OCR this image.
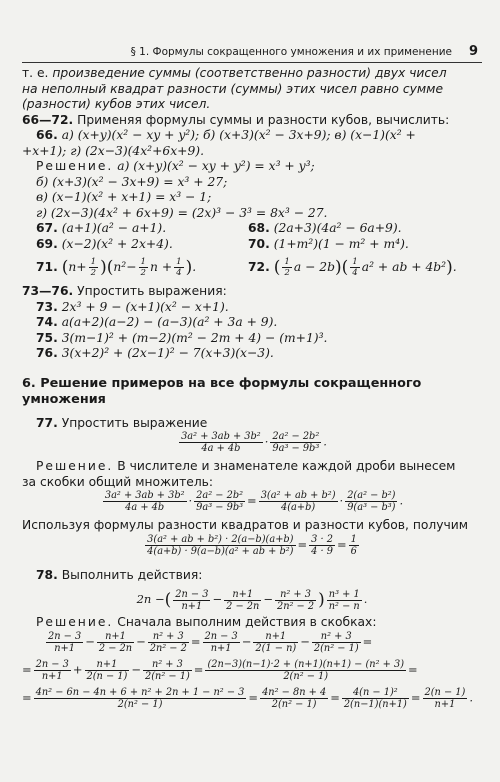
§ 1. Формулы сокращенного умножения и их применение 9
т. е. произведение суммы (соответственно разности) двух чисел
на неполный квадрат разности (суммы) этих чисел равно сумме
(разности) кубов этих чисел.
66—72. Применяя формулы суммы и разности кубов, вычислить:
66. а) (x+y)(x² − xy + y²); б) (x+3)(x² − 3x+9); в) (x−1)(x² +
+x+1); г) (2x−3)(4x²+6x+9).
Решение. а) (x+y)(x² − xy + y²) = x³ + y³;
б) (x+3)(x² − 3x+9) = x³ + 27;
в) (x−1)(x² + x+1) = x³ − 1;
г) (2x−3)(4x² + 6x+9) = (2x)³ − 3³ = 8x³ − 27.
67. (a+1)(a² − a+1).	68. (2a+3)(4a² − 6a+9).
69. (x−2)(x² + 2x+4).	70. (1+m²)(1 − m² + m⁴).
71. $(n+ \frac{1}{2} )(n^2- \frac{1}{2}$ $n + \frac{1}{4}$ ).	72. ( $\frac{1}{2}$ $a - 2b)( \frac{1}{4} a^2$ + ab + 4b²).
73—76. Упростить выражения:
73. 2x³ + 9 − (x+1)(x² − x+1).
74. a(a+2)(a−2) − (a−3)(a² + 3a + 9).
75. 3(m−1)² + (m−2)(m² − 2m + 4) − (m+1)³.
76. 3(x+2)² + (2x−1)² − 7(x+3)(x−3).
6. Решение примеров на все формулы сокращенного
умножения
77. Упростить выражение
$\frac{\text{3a² + 3ab + 3b²}}{4a + 4b} \cdot \frac{\text{2a² − 2b²}}{\text{9a³ − 9b³}}$ .
Решение. В числителе и знаменателе каждой дроби вынесем
за скобки общий множитель:
$\frac{\text{3a² + 3ab + 3b²}}{4a + 4b} \cdot \frac{\text{2a² − 2b²}}{\text{9a³ − 9b³}} = \frac{\text{3(a² + ab + b²)}}{4(a+b)} \cdot \frac{\text{2(a² − b²)}}{\text{9(a³ − b³)}}$ .
Используя формулы разности квадратов и разности кубов, получим
$\frac{\text{3(a² + ab + b²) · 2(a−b)(a+b)}}{\text{4(a+b) · 9(a−b)(a² + ab + b²)}} = \frac{3 \cdot 2}{4 \cdot 9} = \frac{1}{6}$
78. Выполнить действия:
2n −( $\frac{2n - 3}{n+1} - \frac{n+1}{2 - 2n} - \frac{\text{n² + 3}}{\text{2n² − 2}}$ ) $\frac{\text{n³ + 1}}{\text{n² − n}}$ .
Решение. Сначала выполним действия в скобках:
$\frac{2n - 3}{n+1} - \frac{n+1}{2 - 2n} - \frac{\text{n² + 3}}{\text{2n² − 2}} = \frac{2n - 3}{n+1} - \frac{n+1}{2(1 - n)} - \frac{\text{n² + 3}}{\text{2(n² − 1)}}$ =
= $\frac{2n - 3}{n+1} + \frac{n+1}{2(n - 1)} - \frac{\text{n² + 3}}{\text{2(n² − 1)}} = \frac{\text{(2n−3)(n−1)·2 + (n+1)(n+1) − (n² + 3)}}{\text{2(n² − 1)}}$ =
= $\frac{\text{4n² − 6n − 4n + 6 + n² + 2n + 1 − n² − 3}}{\text{2(n² − 1)}} = \frac{\text{4n² − 8n + 4}}{\text{2(n² − 1)}} = \frac{\text{4(n − 1)²}}{2(n-1)(n+1)} = \frac{2(n - 1)}{n+1}$ .
